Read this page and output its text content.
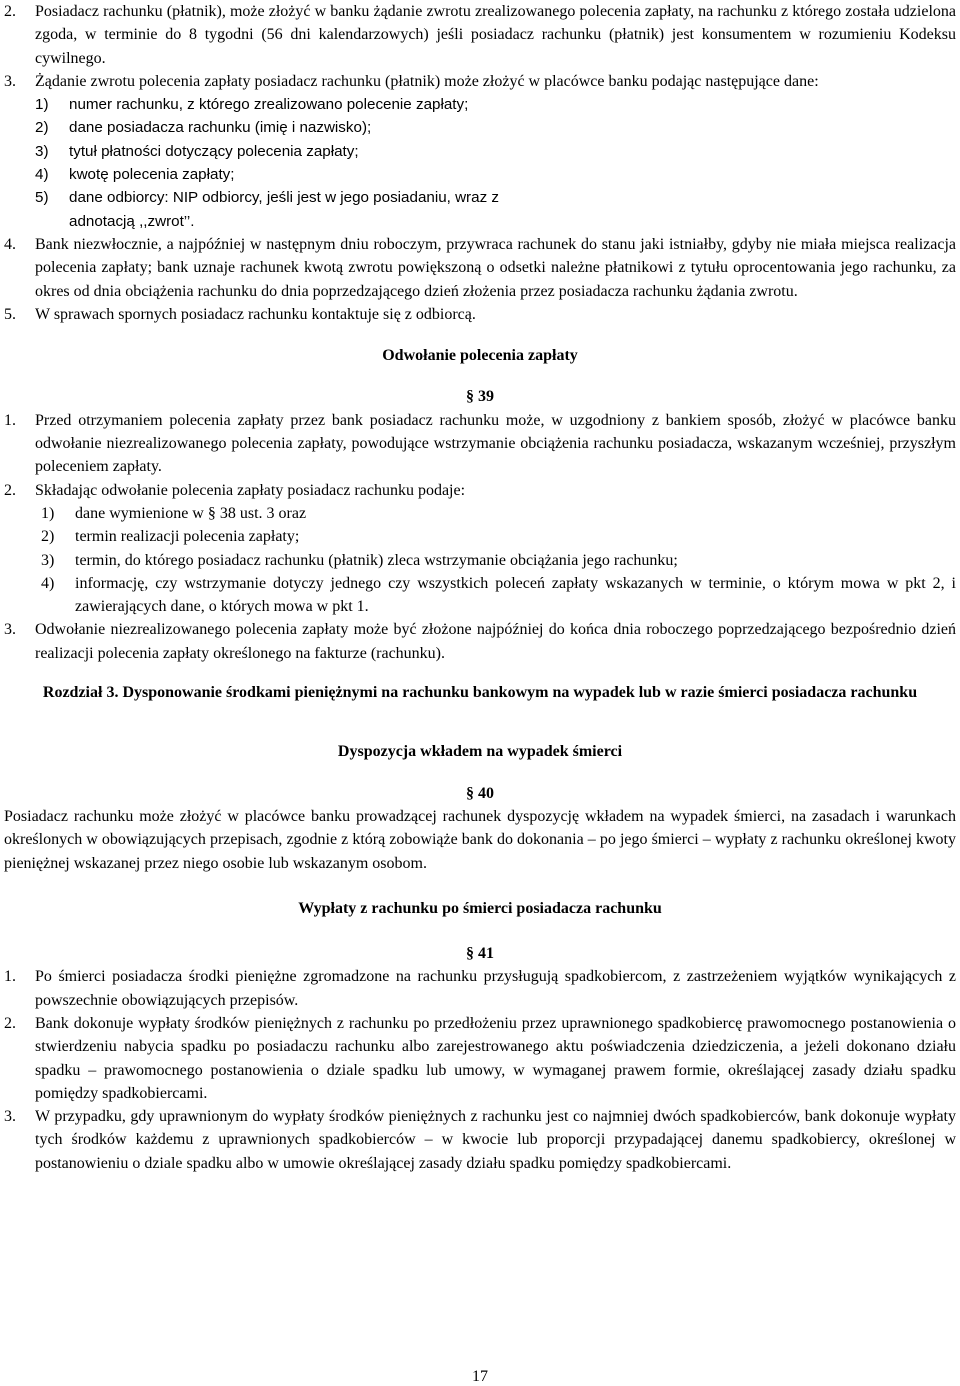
2.	Posiadacz rachunku (płatnik), może złożyć w banku żądanie zwrotu zrealizowanego polecenia zapłaty, na rachunku z którego została udzielona zgoda, w terminie do 8 tygodni (56 dni kalendarzowych) jeśli posiadacz rachunku (płatnik) jest konsumentem w rozumieniu Kodeksu cywilnego.
3.	Żądanie zwrotu polecenia zapłaty posiadacz rachunku (płatnik) może złożyć w placówce banku podając następujące dane:
1)	numer rachunku, z którego zrealizowano polecenie zapłaty;
2)	dane posiadacza rachunku (imię i nazwisko);
3)	tytuł płatności dotyczący polecenia zapłaty;
4)	kwotę polecenia zapłaty;
5)	dane odbiorcy: NIP odbiorcy, jeśli jest w jego posiadaniu, wraz z adnotacją ,,zwrot’’.
4.	Bank niezwłocznie, a najpóźniej w następnym dniu roboczym, przywraca rachunek do stanu jaki istniałby, gdyby nie miała miejsca realizacja polecenia zapłaty; bank uznaje rachunek kwotą zwrotu powiększoną o odsetki należne płatnikowi z tytułu oprocentowania jego rachunku, za okres od dnia obciążenia rachunku do dnia poprzedzającego dzień złożenia przez posiadacza rachunku żądania zwrotu.
5.	W sprawach spornych posiadacz rachunku kontaktuje się z odbiorcą.
Odwołanie polecenia zapłaty
§ 39
1.	Przed otrzymaniem polecenia zapłaty przez bank posiadacz rachunku może, w uzgodniony z bankiem sposób, złożyć w placówce banku odwołanie niezrealizowanego polecenia zapłaty, powodujące wstrzymanie obciążenia rachunku posiadacza, wskazanym wcześniej, przyszłym poleceniem zapłaty.
2.	Składając odwołanie polecenia zapłaty posiadacz rachunku podaje:
1)	dane wymienione w § 38 ust. 3 oraz
2)	termin realizacji polecenia zapłaty;
3)	termin, do którego posiadacz rachunku (płatnik) zleca wstrzymanie obciążania jego rachunku;
4)	informację, czy wstrzymanie dotyczy jednego czy wszystkich poleceń zapłaty wskazanych w terminie, o którym mowa w pkt 2, i zawierających dane, o których mowa w pkt 1.
3.	Odwołanie niezrealizowanego polecenia zapłaty może być złożone najpóźniej do końca dnia roboczego poprzedzającego bezpośrednio dzień realizacji polecenia zapłaty określonego na fakturze (rachunku).
Rozdział 3. Dysponowanie środkami pieniężnymi na rachunku bankowym na wypadek lub w razie śmierci posiadacza rachunku
Dyspozycja wkładem na wypadek śmierci
§ 40
Posiadacz rachunku może złożyć w placówce banku prowadzącej rachunek dyspozycję wkładem na wypadek śmierci, na zasadach i warunkach określonych w obowiązujących przepisach, zgodnie z którą zobowiąże bank do dokonania – po jego śmierci – wypłaty z rachunku określonej kwoty pieniężnej wskazanej przez niego osobie lub wskazanym osobom.
Wypłaty z rachunku po śmierci posiadacza rachunku
§ 41
1.	Po śmierci posiadacza środki pieniężne zgromadzone na rachunku przysługują spadkobiercom, z zastrzeżeniem wyjątków wynikających z powszechnie obowiązujących przepisów.
2.	Bank dokonuje wypłaty środków pieniężnych z rachunku po przedłożeniu przez uprawnionego spadkobiercę prawomocnego postanowienia o stwierdzeniu nabycia spadku po posiadaczu rachunku albo zarejestrowanego aktu poświadczenia dziedziczenia, a jeżeli dokonano działu spadku – prawomocnego postanowienia o dziale spadku lub umowy, w wymaganej prawem formie, określającej zasady działu spadku pomiędzy spadkobiercami.
3.	W przypadku, gdy uprawnionym do wypłaty środków pieniężnych z rachunku jest co najmniej dwóch spadkobierców, bank dokonuje wypłaty tych środków każdemu z uprawnionych spadkobierców – w kwocie lub proporcji przypadającej danemu spadkobiercy, określonej w postanowieniu o dziale spadku albo w umowie określającej zasady działu spadku pomiędzy spadkobiercami.
17
